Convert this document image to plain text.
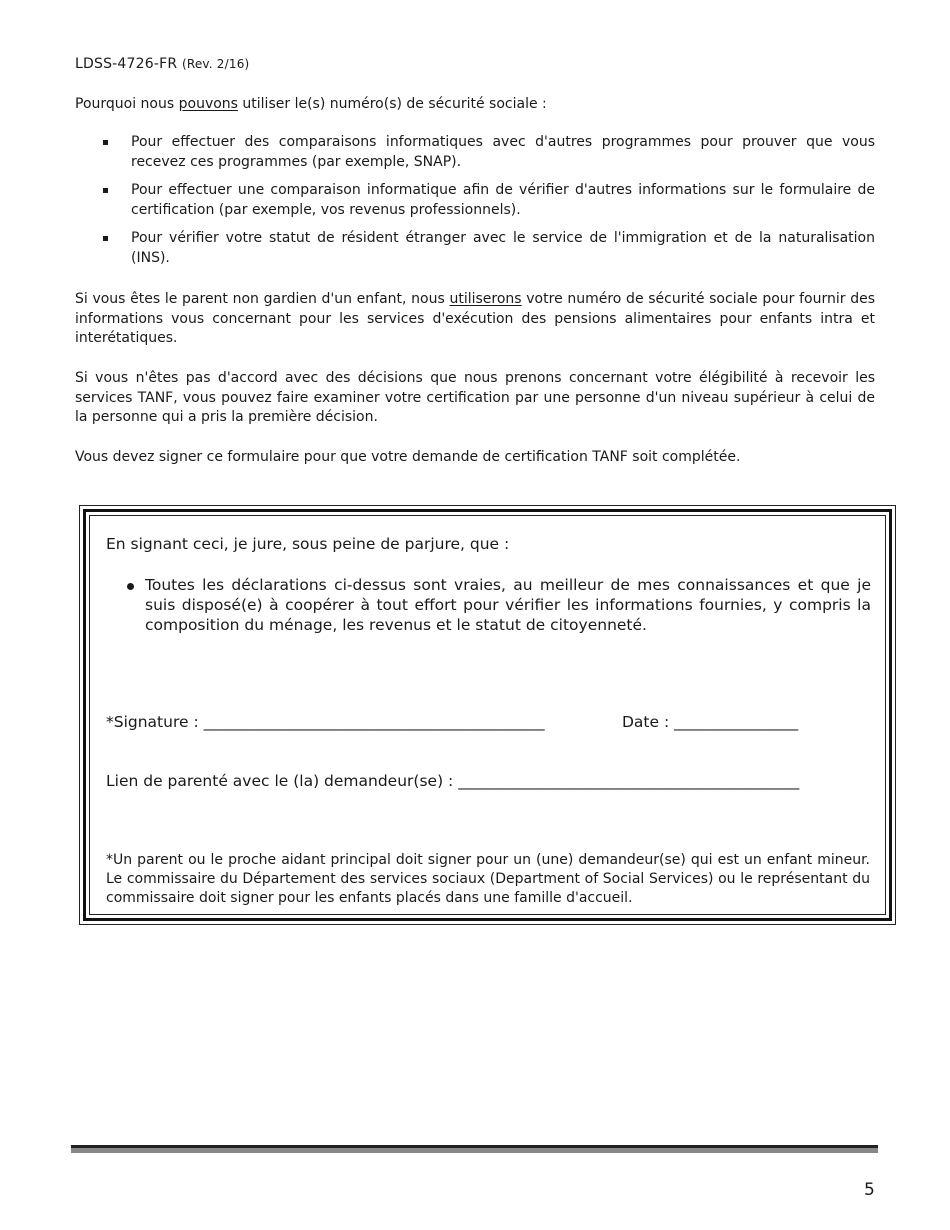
LDSS-4726-FR (Rev. 2/16)
Pourquoi nous pouvons utiliser le(s) numéro(s) de sécurité sociale :
Pour effectuer des comparaisons informatiques avec d'autres programmes pour prouver que vous recevez ces programmes (par exemple, SNAP).
Pour effectuer une comparaison informatique afin de vérifier d'autres informations sur le formulaire de certification (par exemple, vos revenus professionnels).
Pour vérifier votre statut de résident étranger avec le service de l'immigration et de la naturalisation (INS).
Si vous êtes le parent non gardien d'un enfant, nous utiliserons votre numéro de sécurité sociale pour fournir des informations vous concernant pour les services d'exécution des pensions alimentaires pour enfants intra et interétatiques.
Si vous n'êtes pas d'accord avec des décisions que nous prenons concernant votre élégibilité à recevoir les services TANF, vous pouvez faire examiner votre certification par une personne d'un niveau supérieur à celui de la personne qui a pris la première décision.
Vous devez signer ce formulaire pour que votre demande de certification TANF soit complétée.
En signant ceci, je jure, sous peine de parjure, que :
Toutes les déclarations ci-dessus sont vraies, au meilleur de mes connaissances et que je suis disposé(e) à coopérer à tout effort pour vérifier les informations fournies, y compris la composition du ménage, les revenus et le statut de citoyenneté.
*Signature : ____________________________________________	Date : ________________
Lien de parenté avec le (la) demandeur(se) : ____________________________________________
*Un parent ou le proche aidant principal doit signer pour un (une) demandeur(se) qui est un enfant mineur. Le commissaire du Département des services sociaux (Department of Social Services) ou le représentant du commissaire doit signer pour les enfants placés dans une famille d'accueil.
5
